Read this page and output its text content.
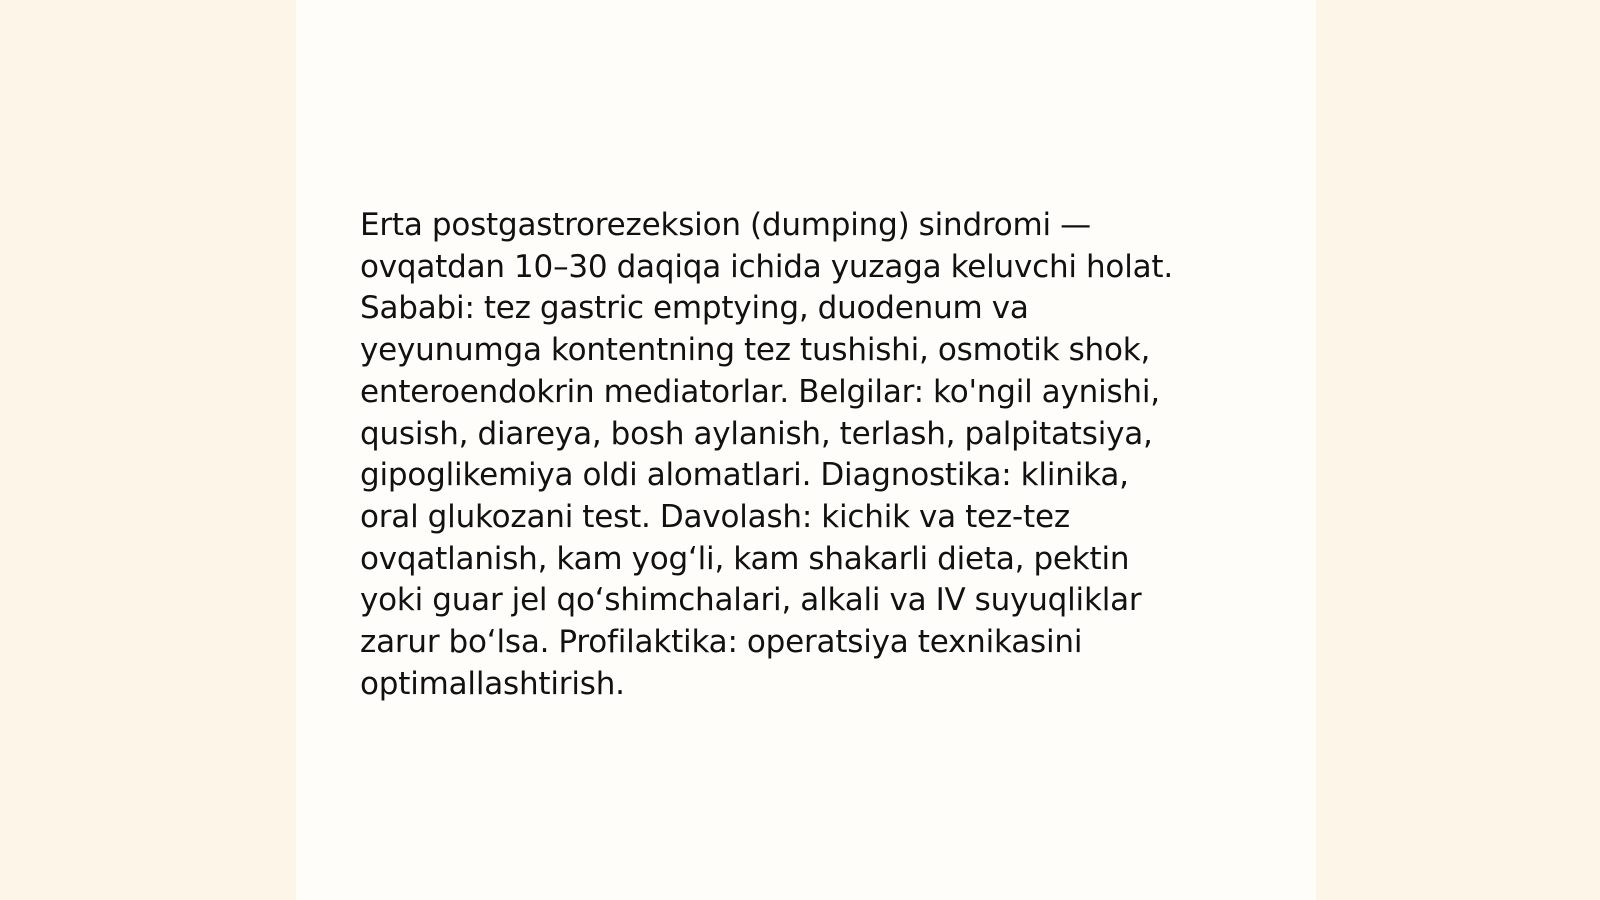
Erta postgastrorezeksion (dumping) sindromi —
ovqatdan 10–30 daqiqa ichida yuzaga keluvchi holat.
Sababi: tez gastric emptying, duodenum va
yeyunumga kontentning tez tushishi, osmotik shok,
enteroendokrin mediatorlar. Belgilar: ko'ngil aynishi,
qusish, diareya, bosh aylanish, terlash, palpitatsiya,
gipoglikemiya oldi alomatlari. Diagnostika: klinika,
oral glukozani test. Davolash: kichik va tez-tez
ovqatlanish, kam yog‘li, kam shakarli dieta, pektin
yoki guar jel qo‘shimchalari, alkali va IV suyuqliklar
zarur bo‘lsa. Profilaktika: operatsiya texnikasini
optimallashtirish.
